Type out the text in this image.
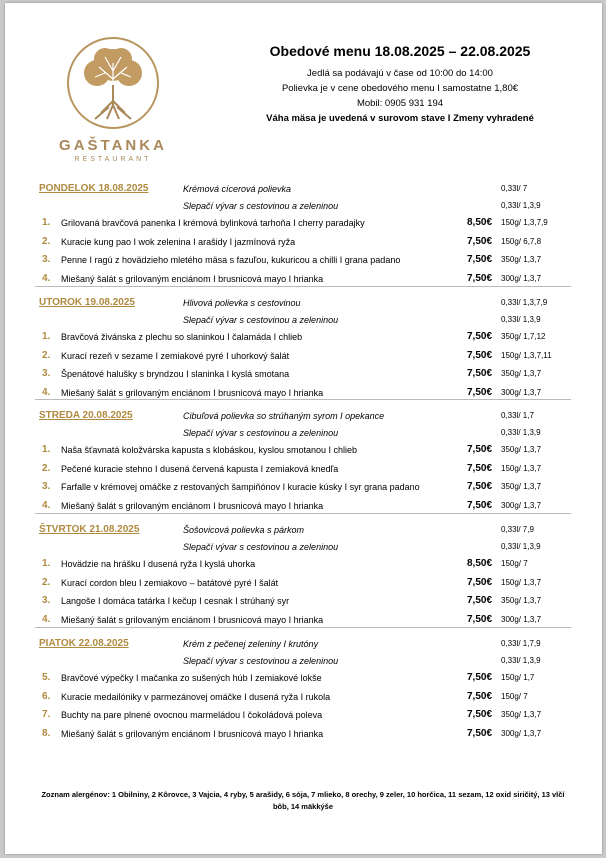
GAŠTANKA
RESTAURANT
Obedové menu 18.08.2025 – 22.08.2025
Jedlá sa podávajú v čase od 10:00 do 14:00
Polievka je v cene obedového menu I samostatne 1,80€
Mobil: 0905 931 194
Váha mäsa je uvedená v surovom stave I Zmeny vyhradené
PONDELOK 18.08.2025	Krémová cícerová polievka	0,33l/ 7
Slepačí vývar s cestovinou a zeleninou	0,33l/ 1,3,9
1. Grilovaná bravčová panenka I krémová bylinková tarhoňa I cherry paradajky	8,50€ 150g/ 1,3,7,9
2. Kuracie kung pao I wok zelenina I arašidy I jazmínová ryža	7,50€ 150g/ 6,7,8
3. Penne I ragú z hovädzieho mletého mäsa s fazuľou, kukuricou a chilli I grana padano	7,50€ 350g/ 1,3,7
4. Miešaný šalát s grilovaným enciánom I brusnicová mayo I hrianka	7,50€ 300g/ 1,3,7
UTOROK 19.08.2025	Hlivová polievka s cestovinou	0,33l/ 1,3,7,9
Slepačí vývar s cestovinou a zeleninou	0,33l/ 1,3,9
1. Bravčová živánska z plechu so slaninkou I čalamáda I chlieb	7,50€ 350g/ 1,7,12
2. Kurací rezeň v sezame I zemiakové pyré I uhorkový šalát	7,50€ 150g/ 1,3,7,11
3. Špenátové halušky s bryndzou I slaninka I kyslá smotana	7,50€ 350g/ 1,3,7
4. Miešaný šalát s grilovaným enciánom I brusnicová mayo I hrianka	7,50€ 300g/ 1,3,7
STREDA 20.08.2025	Cibuľová polievka so strúhaným syrom I opekance	0,33l/ 1,7
Slepačí vývar s cestovinou a zeleninou	0,33l/ 1,3,9
1. Naša šťavnatá koložvárska kapusta s klobáskou, kyslou smotanou I chlieb	7,50€ 350g/ 1,3,7
2. Pečené kuracie stehno I dusená červená kapusta I zemiaková knedľa	7,50€ 150g/ 1,3,7
3. Farfalle v krémovej omáčke z restovaných šampiňónov I kuracie kúsky I syr grana padano	7,50€ 350g/ 1,3,7
4. Miešaný šalát s grilovaným enciánom I brusnicová mayo I hrianka	7,50€ 300g/ 1,3,7
ŠTVRTOK 21.08.2025	Šošovicová polievka s párkom	0,33l/ 7,9
Slepačí vývar s cestovinou a zeleninou	0,33l/ 1,3,9
1. Hovädzie na hrášku I dusená ryža I kyslá uhorka	8,50€ 150g/ 7
2. Kurací cordon bleu I zemiakovo – batátové pyré I šalát	7,50€ 150g/ 1,3,7
3. Langoše I domáca tatárka I kečup I cesnak I strúhaný syr	7,50€ 350g/ 1,3,7
4. Miešaný šalát s grilovaným enciánom I brusnicová mayo I hrianka	7,50€ 300g/ 1,3,7
PIATOK 22.08.2025	Krém z pečenej zeleniny I krutóny	0,33l/ 1,7,9
Slepačí vývar s cestovinou a zeleninou	0,33l/ 1,3,9
5. Bravčové výpečky I mačanka zo sušených húb I zemiakové lokše	7,50€ 150g/ 1,7
6. Kuracie medailóniky v parmezánovej omáčke I dusená ryža I rukola	7,50€ 150g/ 7
7. Buchty na pare plnené ovocnou marmeládou I čokoládová poleva	7,50€ 350g/ 1,3,7
8. Miešaný šalát s grilovaným enciánom I brusnicová mayo I hrianka	7,50€ 300g/ 1,3,7
Zoznam alergénov: 1 Obilniny, 2 Kôrovce, 3 Vajcia, 4 ryby, 5 arašidy, 6 sója, 7 mlieko, 8 orechy, 9 zeler, 10 horčica, 11 sezam, 12 oxid siričitý, 13 vlčí bôb, 14 mäkkýše
